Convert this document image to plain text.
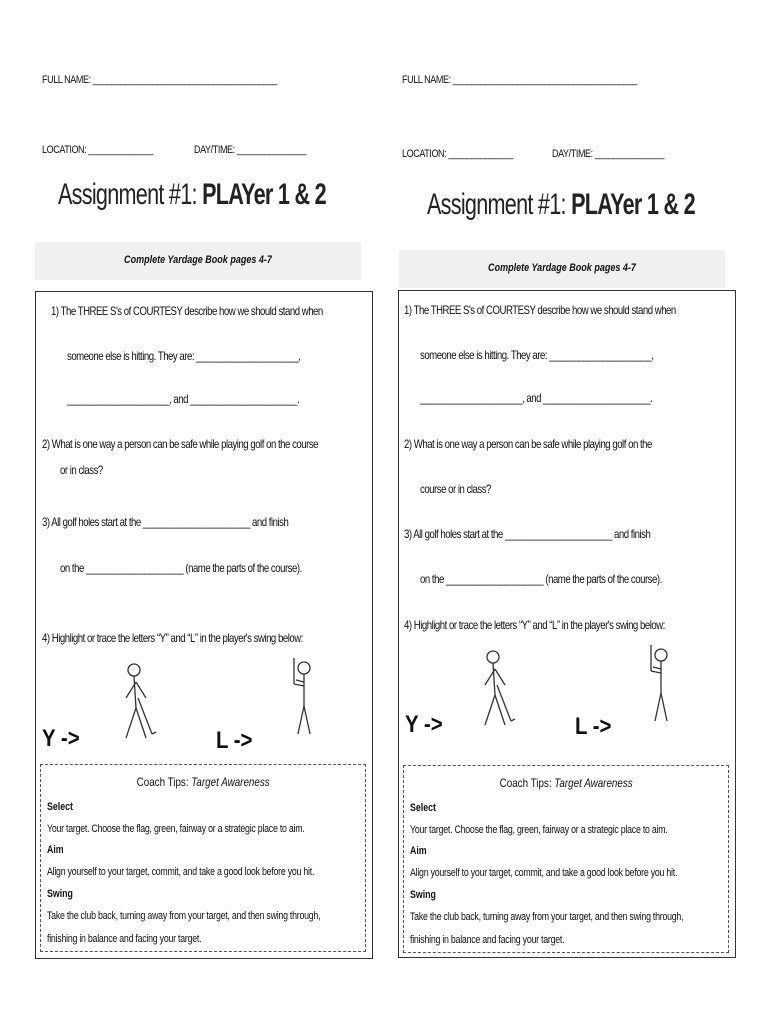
FULL NAME: ________________________________________
LOCATION: ______________	DAY/TIME: _______________
Assignment #1: PLAYer 1 & 2
Complete Yardage Book pages 4-7
1) The THREE S's of COURTESY describe how we should stand when
someone else is hitting. They are: _____________________,
_____________________, and ______________________.
2) What is one way a person can be safe while playing golf on the course
or in class?
3) All golf holes start at the ______________________ and finish
on the ____________________ (name the parts of the course).
4) Highlight or trace the letters “Y” and “L” in the player's swing below:
Y ->	L ->
Coach Tips: Target Awareness
Select
Your target. Choose the flag, green, fairway or a strategic place to aim.
Aim
Align yourself to your target, commit, and take a good look before you hit.
Swing
Take the club back, turning away from your target, and then swing through,
finishing in balance and facing your target.
FULL NAME: ________________________________________
LOCATION: ______________	DAY/TIME: _______________
Assignment #1: PLAYer 1 & 2
Complete Yardage Book pages 4-7
1) The THREE S's of COURTESY describe how we should stand when
someone else is hitting. They are: _____________________,
_____________________, and ______________________.
2) What is one way a person can be safe while playing golf on the
course or in class?
3) All golf holes start at the ______________________ and finish
on the ____________________ (name the parts of the course).
4) Highlight or trace the letters “Y” and “L” in the player's swing below:
Y ->	L ->
Coach Tips: Target Awareness
Select
Your target. Choose the flag, green, fairway or a strategic place to aim.
Aim
Align yourself to your target, commit, and take a good look before you hit.
Swing
Take the club back, turning away from your target, and then swing through,
finishing in balance and facing your target.
